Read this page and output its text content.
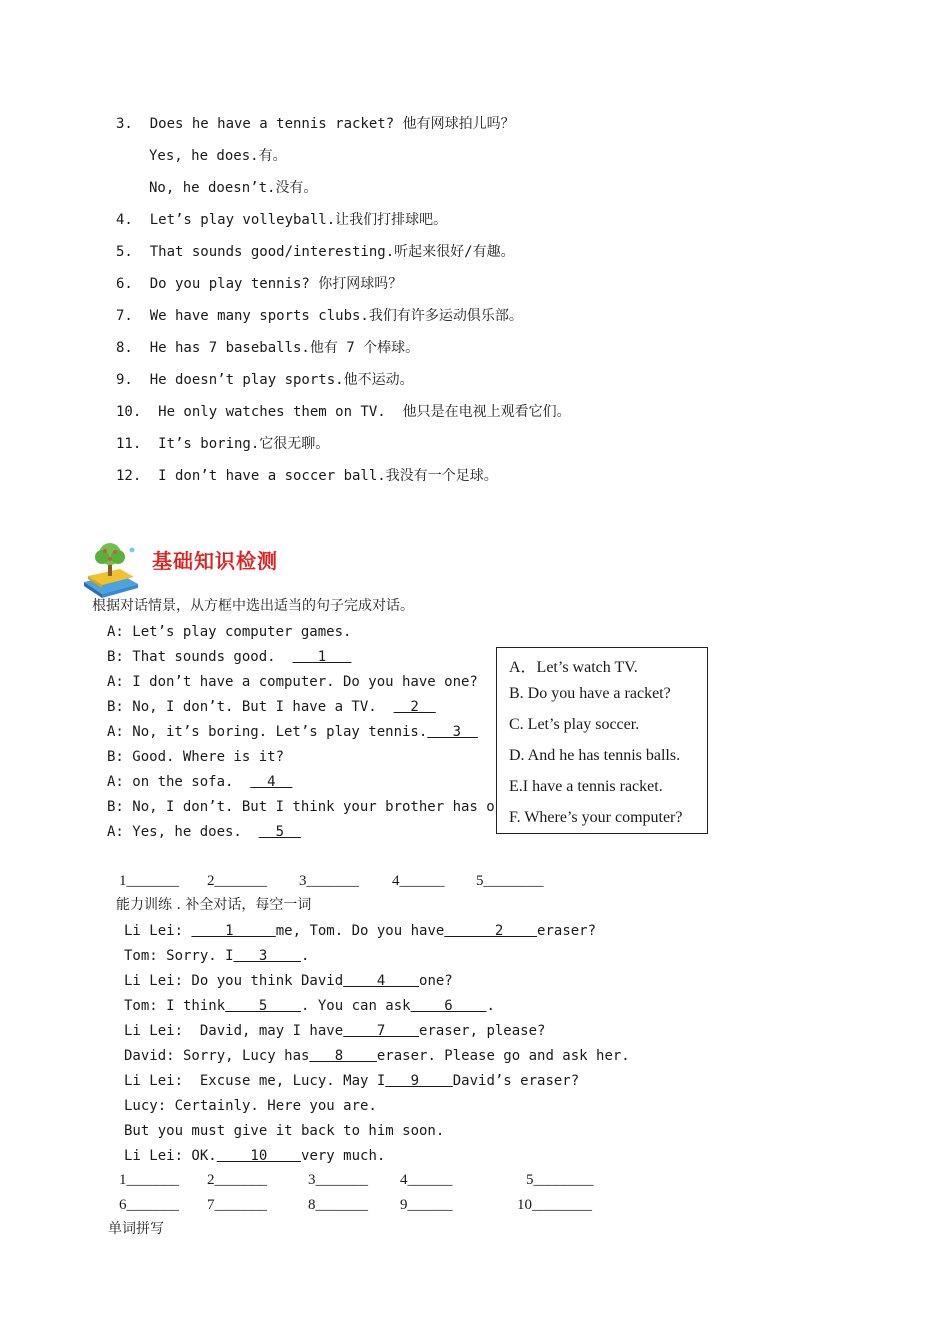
3.  Does he have a tennis racket? 他有网球拍儿吗？
Yes, he does.有。
No, he doesn’t.没有。
4.  Let’s play volleyball.让我们打排球吧。
5.  That sounds good/interesting.听起来很好/有趣。
6.  Do you play tennis? 你打网球吗？
7.  We have many sports clubs.我们有许多运动俱乐部。
8.  He has 7 baseballs.他有 7 个棒球。
9.  He doesn’t play sports.他不运动。
10.  He only watches them on TV.  他只是在电视上观看它们。
11.  It’s boring.它很无聊。
12.  I don’t have a soccer ball.我没有一个足球。
基础知识检测
根据对话情景，从方框中选出适当的句子完成对话。
A: Let’s play computer games.
B: That sounds good.     1
A: I don’t have a computer. Do you have one?
B: No, I don’t. But I have a TV.    2
A: No, it’s boring. Let’s play tennis.   3
B: Good. Where is it?
A: on the sofa.    4
B: No, I don’t. But I think your brother has o
A: Yes, he does.    5
A．Let’s watch TV.
B. Do you have a racket?
C. Let’s play soccer.
D. And he has tennis balls.
E.I have a tennis racket.
F. Where’s your computer?
1_______ 2_______ 3_______ 4______ 5________
能力训练 . 补全对话，每空一词
Li Lei:     1     me, Tom. Do you have      2    eraser?
Tom: Sorry. I   3    .
Li Lei: Do you think David    4    one?
Tom: I think    5    . You can ask    6    .
Li Lei:  David, may I have    7    eraser, please?
David: Sorry, Lucy has   8    eraser. Please go and ask her.
Li Lei:  Excuse me, Lucy. May I   9    David’s eraser?
Lucy: Certainly. Here you are.
But you must give it back to him soon.
Li Lei: OK.    10    very much.
1_______ 2_______	3_______ 4______	5________
6_______ 7_______	8_______ 9______	10________
单词拼写
